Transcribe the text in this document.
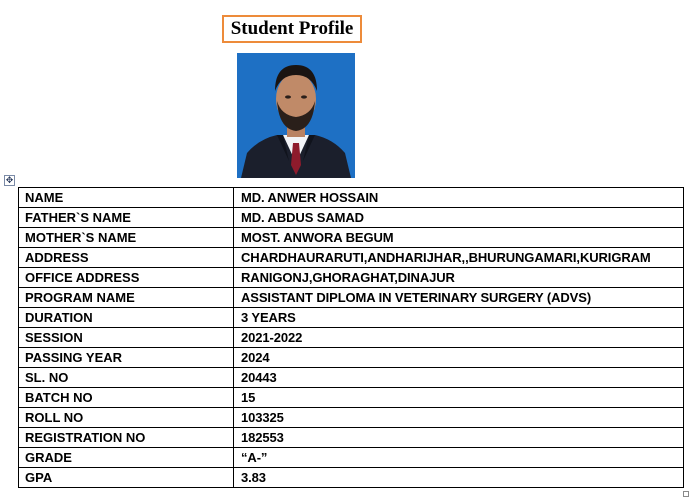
Student Profile
✥
NAME	MD. ANWER HOSSAIN
FATHER`S NAME	MD. ABDUS SAMAD
MOTHER`S NAME	MOST. ANWORA BEGUM
ADDRESS	CHARDHAURARUTI,ANDHARIJHAR,,BHURUNGAMARI,KURIGRAM
OFFICE ADDRESS	RANIGONJ,GHORAGHAT,DINAJUR
PROGRAM NAME	ASSISTANT DIPLOMA IN VETERINARY SURGERY (ADVS)
DURATION	3 YEARS
SESSION	2021-2022
PASSING YEAR	2024
SL. NO	20443
BATCH NO	15
ROLL NO	103325
REGISTRATION NO	182553
GRADE	“A-”
GPA	3.83
